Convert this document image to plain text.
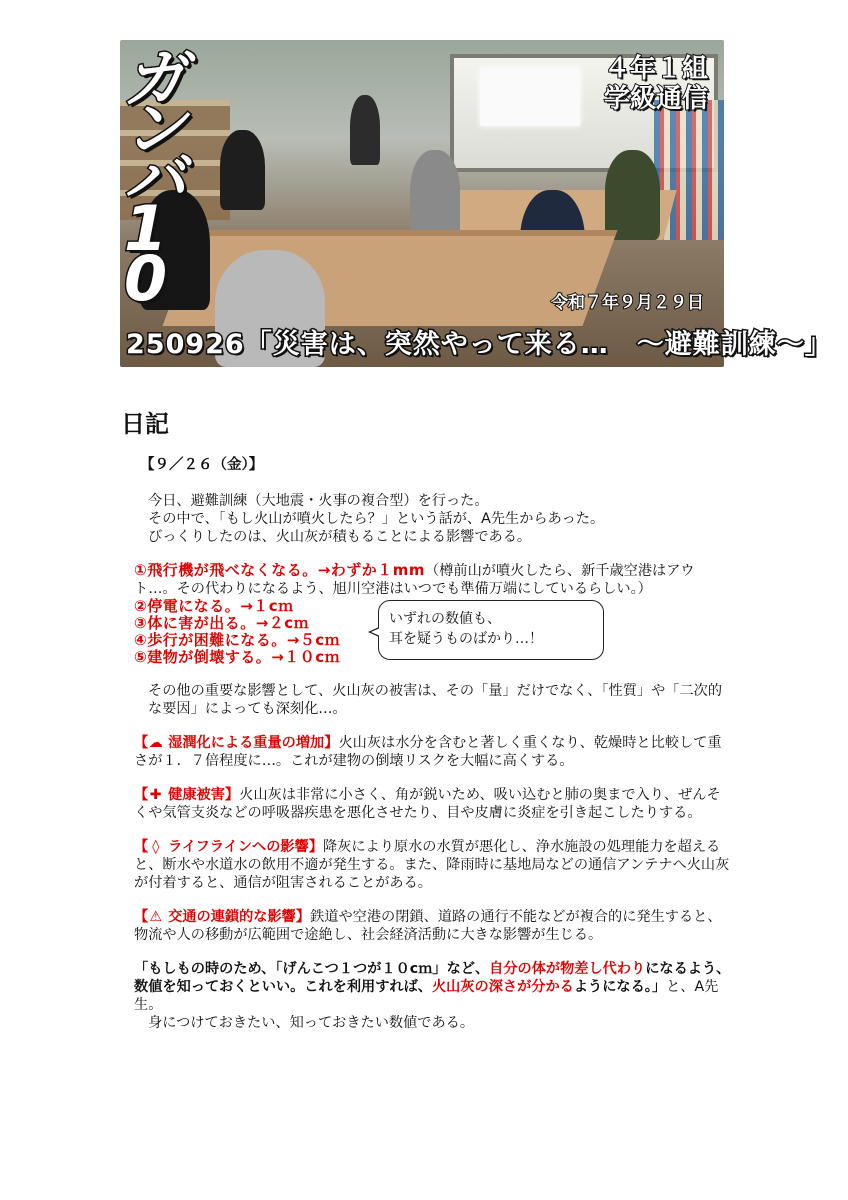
ガンバ10
４年１組
学級通信
令和７年９月２９日
250926「災害は、突然やって来る…　～避難訓練～」
日記
【９／２６（金）】

今日、避難訓練（大地震・火事の複合型）を行った。

その中で、「もし火山が噴火したら？」という話が、A先生からあった。

びっくりしたのは、火山灰が積もることによる影響である。

①飛行機が飛べなくなる。→わずか１mm（樽前山が噴火したら、新千歳空港はアウト…。その代わりになるよう、旭川空港はいつでも準備万端にしているらしい。）

②停電になる。→１cｍ
③体に害が出る。→２cｍ
④歩行が困難になる。→５cｍ
⑤建物が倒壊する。→１０cｍ
いずれの数値も、
耳を疑うものばかり…！

その他の重要な影響として、火山灰の被害は、その「量」だけでなく、「性質」や「二次的な要因」によっても深刻化…。

【☁ 湿潤化による重量の増加】火山灰は水分を含むと著しく重くなり、乾燥時と比較して重さが１．７倍程度に…。これが建物の倒壊リスクを大幅に高くする。

【 ✚ 健康被害】火山灰は非常に小さく、角が鋭いため、吸い込むと肺の奥まで入り、ぜんそくや気管支炎などの呼吸器疾患を悪化させたり、目や皮膚に炎症を引き起こしたりする。

【 ◊ ライフラインへの影響】降灰により原水の水質が悪化し、浄水施設の処理能力を超えると、断水や水道水の飲用不適が発生する。また、降雨時に基地局などの通信アンテナへ火山灰が付着すると、通信が阻害されることがある。

【⚠ 交通の連鎖的な影響】鉄道や空港の閉鎖、道路の通行不能などが複合的に発生すると、物流や人の移動が広範囲で途絶し、社会経済活動に大きな影響が生じる。

「もしもの時のため、「げんこつ１つが１０cｍ」など、自分の体が物差し代わりになるよう、数値を知っておくといい。これを利用すれば、火山灰の深さが分かるようになる。」と、A先生。

身につけておきたい、知っておきたい数値である。
